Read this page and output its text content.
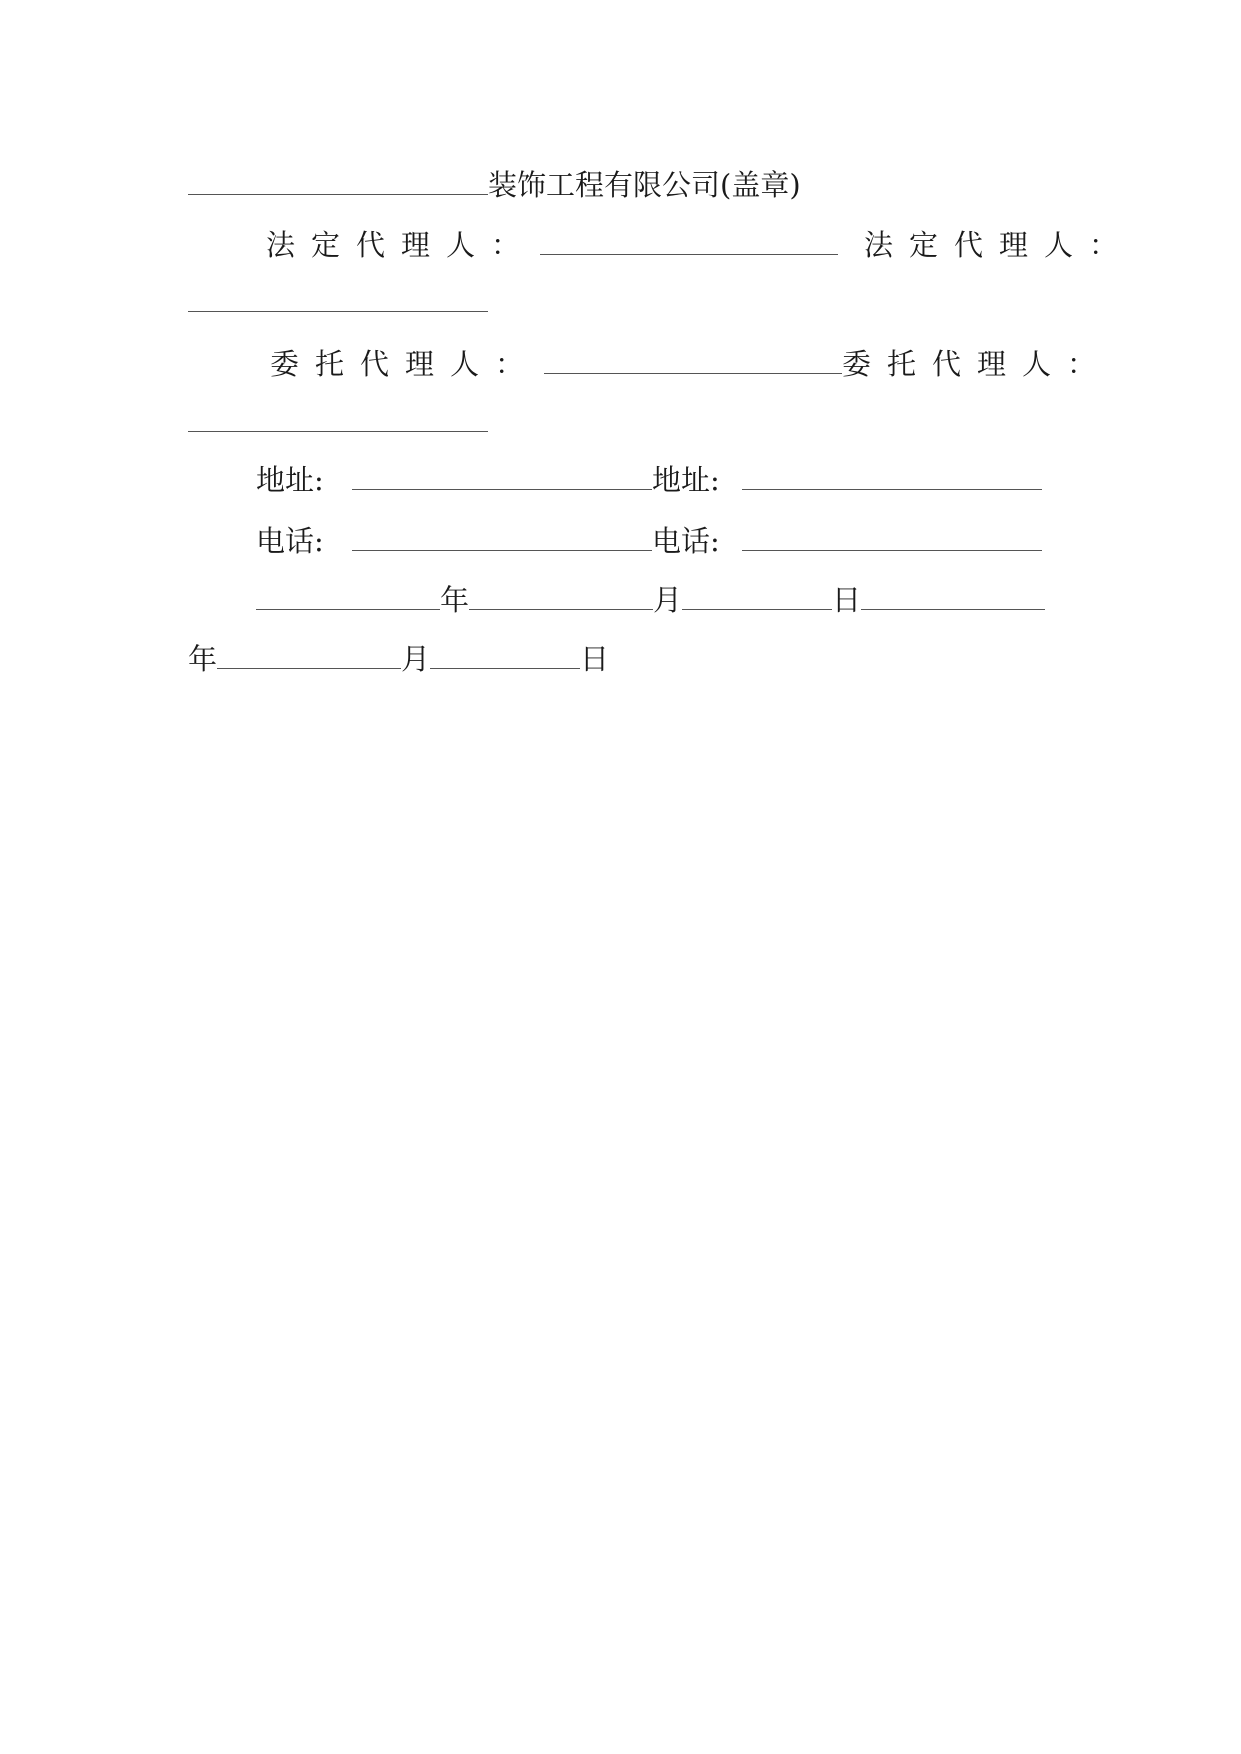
装饰工程有限公司(盖章)
法定代理人：	法定代理人：
委托代理人：	委托代理人：
地址:	地址:
电话:	电话:
年	月	日
年	月	日
